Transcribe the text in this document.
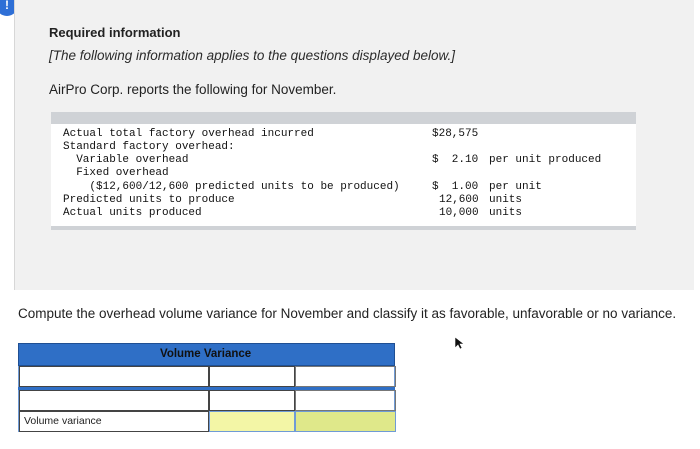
!
Required information
[The following information applies to the questions displayed below.]
AirPro Corp. reports the following for November.
Actual total factory overhead incurred
Standard factory overhead:
Variable overhead
Fixed overhead
($12,600/12,600 predicted units to be produced)
Predicted units to produce
Actual units produced
$28,575
$  2.10 per unit produced
$  1.00 per unit
12,600 units
10,000 units
Compute the overhead volume variance for November and classify it as favorable, unfavorable or no variance.
Volume Variance
Volume variance
